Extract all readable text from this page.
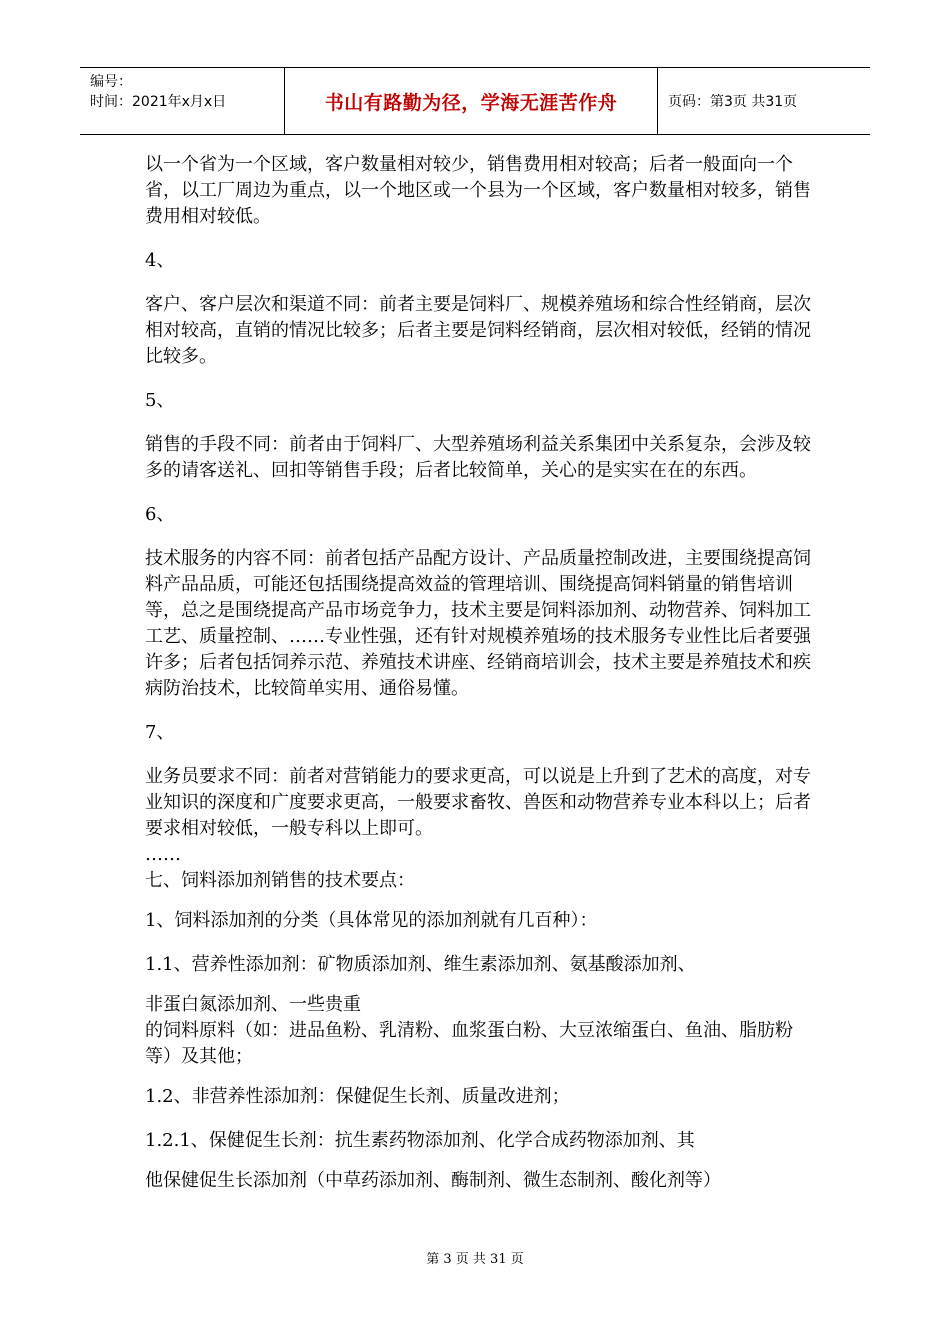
编号：
时间：2021年x月x日	书山有路勤为径，学海无涯苦作舟	页码：第3页 共31页

以一个省为一个区域，客户数量相对较少，销售费用相对较高；后者一般面向一个省，以工厂周边为重点，以一个地区或一个县为一个区域，客户数量相对较多，销售费用相对较低。

4、

客户、客户层次和渠道不同：前者主要是饲料厂、规模养殖场和综合性经销商，层次相对较高，直销的情况比较多；后者主要是饲料经销商，层次相对较低，经销的情况比较多。

5、

销售的手段不同：前者由于饲料厂、大型养殖场利益关系集团中关系复杂，会涉及较多的请客送礼、回扣等销售手段；后者比较简单，关心的是实实在在的东西。

6、

技术服务的内容不同：前者包括产品配方设计、产品质量控制改进，主要围绕提高饲料产品品质，可能还包括围绕提高效益的管理培训、围绕提高饲料销量的销售培训等，总之是围绕提高产品市场竞争力，技术主要是饲料添加剂、动物营养、饲料加工工艺、质量控制、……专业性强，还有针对规模养殖场的技术服务专业性比后者要强许多；后者包括饲养示范、养殖技术讲座、经销商培训会，技术主要是养殖技术和疾病防治技术，比较简单实用、通俗易懂。

7、

业务员要求不同：前者对营销能力的要求更高，可以说是上升到了艺术的高度，对专业知识的深度和广度要求更高，一般要求畜牧、兽医和动物营养专业本科以上；后者要求相对较低，一般专科以上即可。

……

七、饲料添加剂销售的技术要点：

1、饲料添加剂的分类（具体常见的添加剂就有几百种）：

1.1、营养性添加剂：矿物质添加剂、维生素添加剂、氨基酸添加剂、

非蛋白氮添加剂、一些贵重

的饲料原料（如：进品鱼粉、乳清粉、血浆蛋白粉、大豆浓缩蛋白、鱼油、脂肪粉等）及其他；

1.2、非营养性添加剂：保健促生长剂、质量改进剂；

1.2.1、保健促生长剂：抗生素药物添加剂、化学合成药物添加剂、其

他保健促生长添加剂（中草药添加剂、酶制剂、微生态制剂、酸化剂等）

第 3 页 共 31 页
